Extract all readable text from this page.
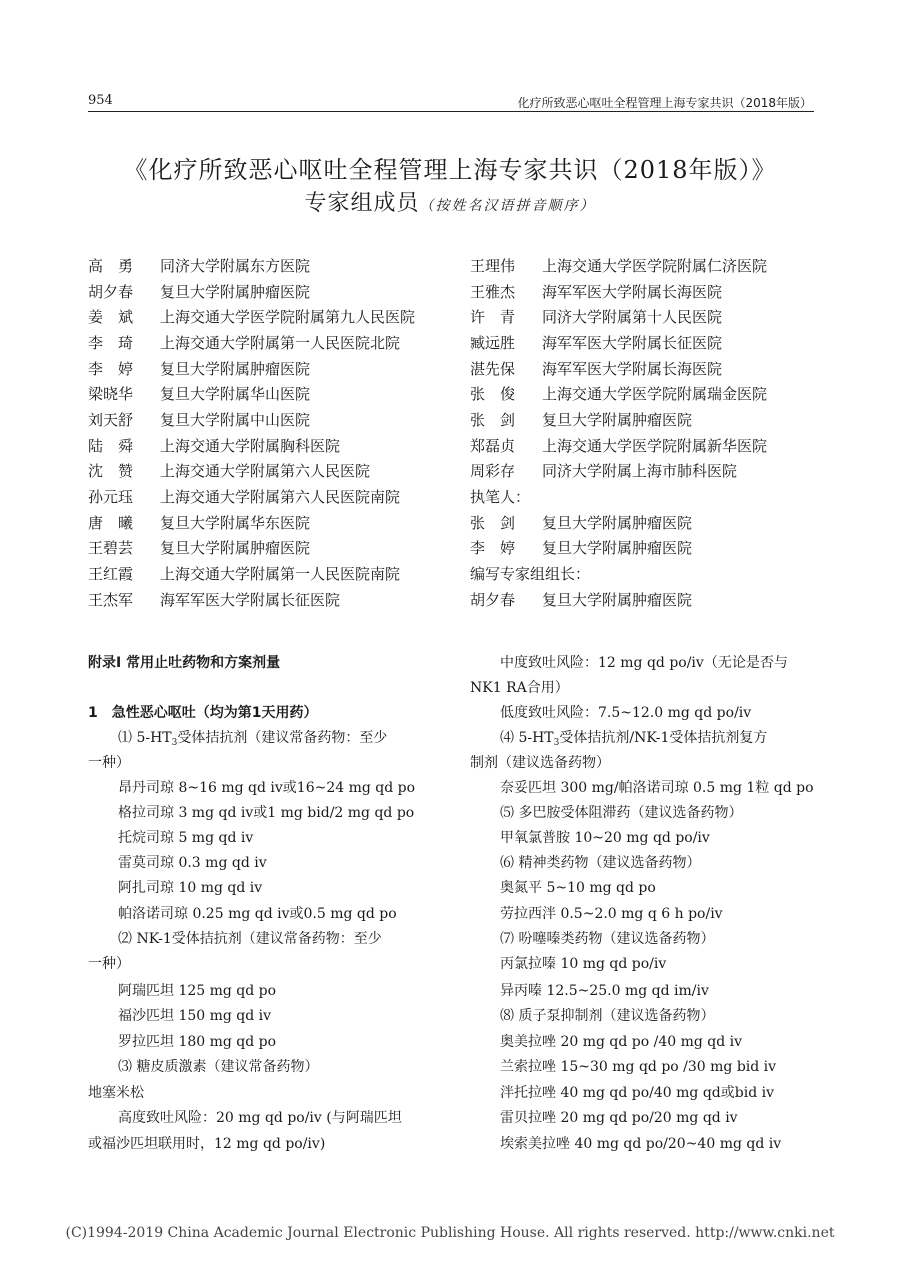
954	化疗所致恶心呕吐全程管理上海专家共识（2018年版）
《化疗所致恶心呕吐全程管理上海专家共识（2018年版）》
专家组成员（按姓名汉语拼音顺序）
高　勇 同济大学附属东方医院
胡夕春 复旦大学附属肿瘤医院
姜　斌 上海交通大学医学院附属第九人民医院
李　琦 上海交通大学附属第一人民医院北院
李　婷 复旦大学附属肿瘤医院
梁晓华 复旦大学附属华山医院
刘天舒 复旦大学附属中山医院
陆　舜 上海交通大学附属胸科医院
沈　赞 上海交通大学附属第六人民医院
孙元珏 上海交通大学附属第六人民医院南院
唐　曦 复旦大学附属华东医院
王碧芸 复旦大学附属肿瘤医院
王红霞 上海交通大学附属第一人民医院南院
王杰军 海军军医大学附属长征医院
王理伟 上海交通大学医学院附属仁济医院
王雅杰 海军军医大学附属长海医院
许　青 同济大学附属第十人民医院
臧远胜 海军军医大学附属长征医院
湛先保 海军军医大学附属长海医院
张　俊 上海交通大学医学院附属瑞金医院
张　剑 复旦大学附属肿瘤医院
郑磊贞 上海交通大学医学院附属新华医院
周彩存 同济大学附属上海市肺科医院
执笔人：
张　剑 复旦大学附属肿瘤医院
李　婷 复旦大学附属肿瘤医院
编写专家组组长：
胡夕春 复旦大学附属肿瘤医院
附录Ⅰ 常用止吐药物和方案剂量
1　急性恶心呕吐（均为第1天用药）
⑴ $5-HT_3$受体拮抗剂（建议常备药物：至少
一种）
昂丹司琼 8~16 mg qd iv或16~24 mg qd po
格拉司琼 3 mg qd iv或1 mg bid/2 mg qd po
托烷司琼 5 mg qd iv
雷莫司琼 0.3 mg qd iv
阿扎司琼 10 mg qd iv
帕洛诺司琼 0.25 mg qd iv或0.5 mg qd po
⑵ NK-1受体拮抗剂（建议常备药物：至少
一种）
阿瑞匹坦 125 mg qd po
福沙匹坦 150 mg qd iv
罗拉匹坦 180 mg qd po
⑶ 糖皮质激素（建议常备药物）
地塞米松
高度致吐风险：20 mg qd po/iv (与阿瑞匹坦
或福沙匹坦联用时，12 mg qd po/iv)
中度致吐风险：12 mg qd po/iv（无论是否与
NK1 RA合用）
低度致吐风险：7.5~12.0 mg qd po/iv
⑷ $5-HT_3$受体拮抗剂/NK-1受体拮抗剂复方
制剂（建议选备药物）
奈妥匹坦 300 mg/帕洛诺司琼 0.5 mg 1粒 qd po
⑸ 多巴胺受体阻滞药（建议选备药物）
甲氧氯普胺 10~20 mg qd po/iv
⑹ 精神类药物（建议选备药物）
奥氮平 5~10 mg qd po
劳拉西泮 0.5~2.0 mg q 6 h po/iv
⑺ 吩噻嗪类药物（建议选备药物）
丙氯拉嗪 10 mg qd po/iv
异丙嗪 12.5~25.0 mg qd im/iv
⑻ 质子泵抑制剂（建议选备药物）
奥美拉唑 20 mg qd po /40 mg qd iv
兰索拉唑 15~30 mg qd po /30 mg bid iv
泮托拉唑 40 mg qd po/40 mg qd或bid iv
雷贝拉唑 20 mg qd po/20 mg qd iv
埃索美拉唑 40 mg qd po/20~40 mg qd iv
(C)1994-2019 China Academic Journal Electronic Publishing House. All rights reserved. http://www.cnki.net
